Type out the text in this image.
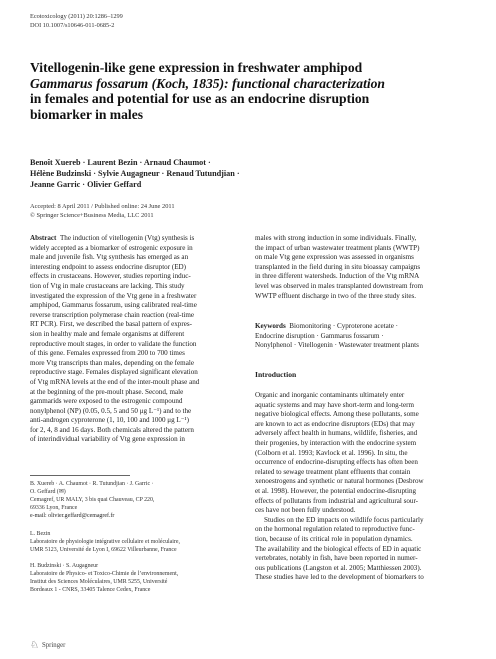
Ecotoxicology (2011) 20:1286–1299
DOI 10.1007/s10646-011-0685-2
Vitellogenin-like gene expression in freshwater amphipod
Gammarus fossarum (Koch, 1835): functional characterization
in females and potential for use as an endocrine disruption
biomarker in males
Benoît Xuereb · Laurent Bezin · Arnaud Chaumot ·
Hélène Budzinski · Sylvie Augagneur · Renaud Tutundjian ·
Jeanne Garric · Olivier Geffard
Accepted: 8 April 2011 / Published online: 24 June 2011
© Springer Science+Business Media, LLC 2011

Abstract The induction of vitellogenin (Vtg) synthesis is

widely accepted as a biomarker of estrogenic exposure in

male and juvenile fish. Vtg synthesis has emerged as an

interesting endpoint to assess endocrine disruptor (ED)

effects in crustaceans. However, studies reporting induc-

tion of Vtg in male crustaceans are lacking. This study

investigated the expression of the Vtg gene in a freshwater

amphipod, Gammarus fossarum, using calibrated real-time

reverse transcription polymerase chain reaction (real-time

RT PCR). First, we described the basal pattern of expres-

sion in healthy male and female organisms at different

reproductive moult stages, in order to validate the function

of this gene. Females expressed from 200 to 700 times

more Vtg transcripts than males, depending on the female

reproductive stage. Females displayed significant elevation

of Vtg mRNA levels at the end of the inter-moult phase and

at the beginning of the pre-moult phase. Second, male

gammarids were exposed to the estrogenic compound

nonylphenol (NP) (0.05, 0.5, 5 and 50 μg L⁻¹) and to the

anti-androgen cyproterone (1, 10, 100 and 1000 μg L⁻¹)

for 2, 4, 8 and 16 days. Both chemicals altered the pattern

of interindividual variability of Vtg gene expression in

males with strong induction in some individuals. Finally,

the impact of urban wastewater treatment plants (WWTP)

on male Vtg gene expression was assessed in organisms

transplanted in the field during in situ bioassay campaigns

in three different watersheds. Induction of the Vtg mRNA

level was observed in males transplanted downstream from

WWTP effluent discharge in two of the three study sites.

Keywords Biomonitoring · Cyproterone acetate ·
Endocrine disruption · Gammarus fossarum ·
Nonylphenol · Vitellogenin · Wastewater treatment plants
Introduction

Organic and inorganic contaminants ultimately enter

aquatic systems and may have short-term and long-term

negative biological effects. Among these pollutants, some

are known to act as endocrine disruptors (EDs) that may

adversely affect health in humans, wildlife, fisheries, and

their progenies, by interaction with the endocrine system

(Colborn et al. 1993; Kavlock et al. 1996). In situ, the

occurrence of endocrine-disrupting effects has often been

related to sewage treatment plant effluents that contain

xenoestrogens and synthetic or natural hormones (Desbrow

et al. 1998). However, the potential endocrine-disrupting

effects of pollutants from industrial and agricultural sour-

ces have not been fully understood.

Studies on the ED impacts on wildlife focus particularly

on the hormonal regulation related to reproductive func-

tion, because of its critical role in population dynamics.

The availability and the biological effects of ED in aquatic

vertebrates, notably in fish, have been reported in numer-

ous publications (Langston et al. 2005; Matthiessen 2003).

These studies have led to the development of biomarkers to

B. Xuereb · A. Chaumot · R. Tutundjian · J. Garric ·

O. Geffard (✉)

Cemagref, UR MALY, 3 bis quai Chauveau, CP 220,

69336 Lyon, France

e-mail: olivier.geffard@cemagref.fr

L. Bezin

Laboratoire de physiologie intégrative cellulaire et moléculaire,

UMR 5123, Université de Lyon I, 69622 Villeurbanne, France

H. Budzinski · S. Augagneur

Laboratoire de Physico- et Toxico-Chimie de l’environnement,

Institut des Sciences Moléculaires, UMR 5255, Université

Bordeaux 1 - CNRS, 33405 Talence Cedex, France

♘ Springer
